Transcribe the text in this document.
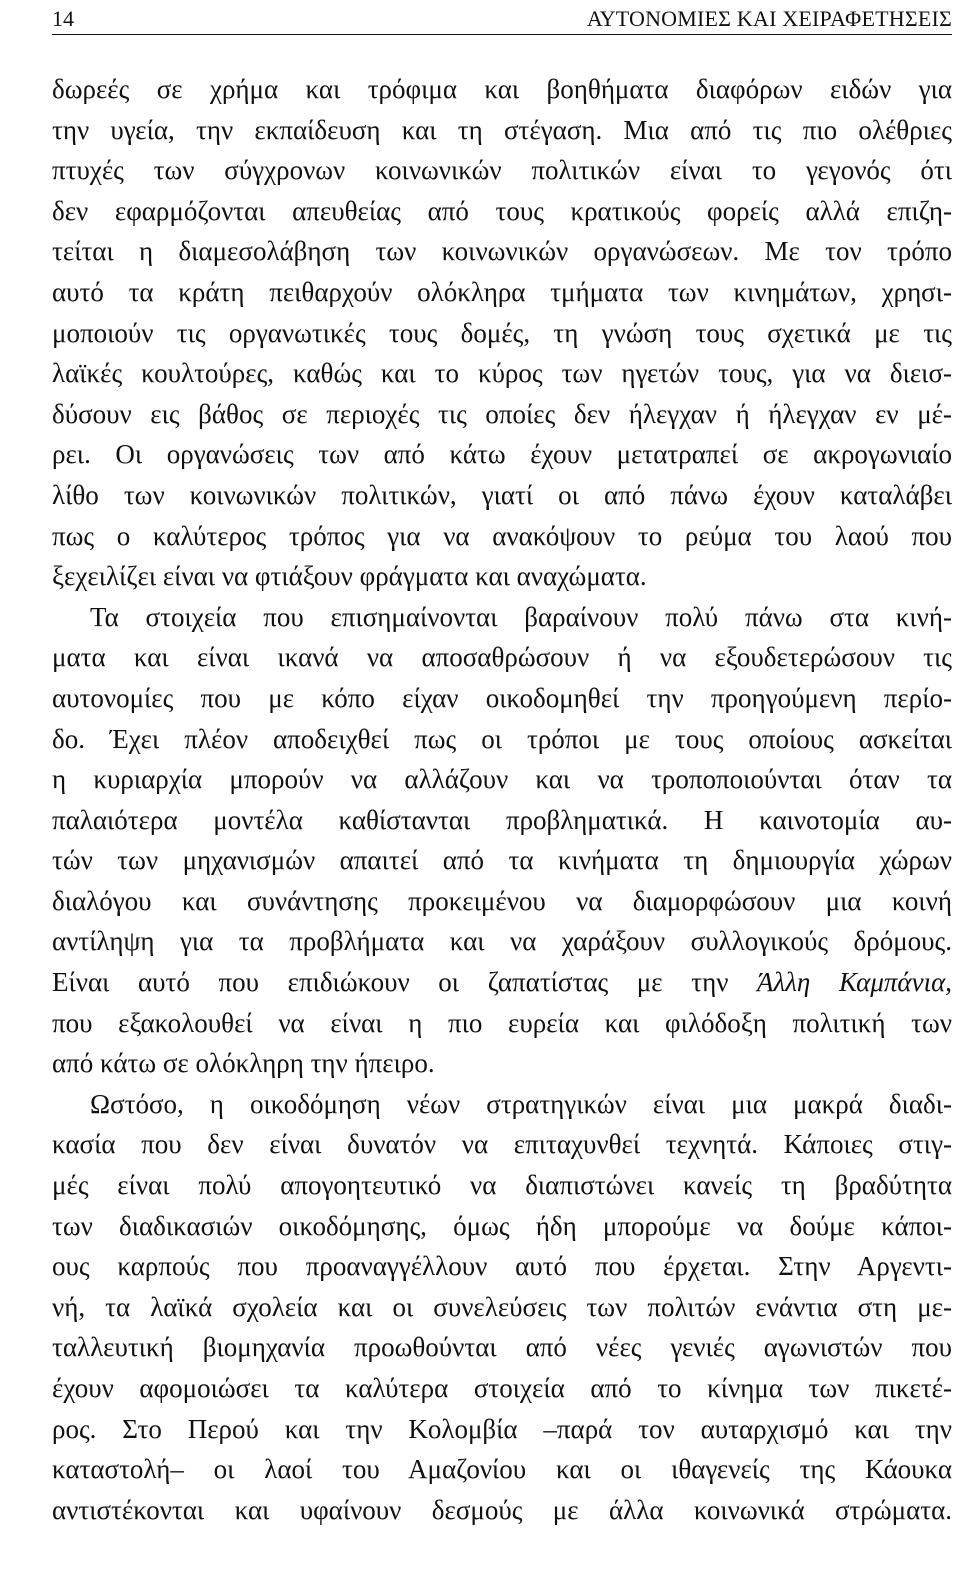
14	ΑΥΤΟΝΟΜΙΕΣ ΚΑΙ ΧΕΙΡΑΦΕΤΗΣΕΙΣ
δωρεές σε χρήμα και τρόφιμα και βοηθήματα διαφόρων ειδών για
την υγεία, την εκπαίδευση και τη στέγαση. Μια από τις πιο ολέθριες
πτυχές των σύγχρονων κοινωνικών πολιτικών είναι το γεγονός ότι
δεν εφαρμόζονται απευθείας από τους κρατικούς φορείς αλλά επιζη-
τείται η διαμεσολάβηση των κοινωνικών οργανώσεων. Με τον τρόπο
αυτό τα κράτη πειθαρχούν ολόκληρα τμήματα των κινημάτων, χρησι-
μοποιούν τις οργανωτικές τους δομές, τη γνώση τους σχετικά με τις
λαϊκές κουλτούρες, καθώς και το κύρος των ηγετών τους, για να διεισ-
δύσουν εις βάθος σε περιοχές τις οποίες δεν ήλεγχαν ή ήλεγχαν εν μέ-
ρει. Οι οργανώσεις των από κάτω έχουν μετατραπεί σε ακρογωνιαίο
λίθο των κοινωνικών πολιτικών, γιατί οι από πάνω έχουν καταλάβει
πως ο καλύτερος τρόπος για να ανακόψουν το ρεύμα του λαού που
ξεχειλίζει είναι να φτιάξουν φράγματα και αναχώματα.
Τα στοιχεία που επισημαίνονται βαραίνουν πολύ πάνω στα κινή-
ματα και είναι ικανά να αποσαθρώσουν ή να εξουδετερώσουν τις
αυτονομίες που με κόπο είχαν οικοδομηθεί την προηγούμενη περίο-
δο. Έχει πλέον αποδειχθεί πως οι τρόποι με τους οποίους ασκείται
η κυριαρχία μπορούν να αλλάζουν και να τροποποιούνται όταν τα
παλαιότερα μοντέλα καθίστανται προβληματικά. Η καινοτομία αυ-
τών των μηχανισμών απαιτεί από τα κινήματα τη δημιουργία χώρων
διαλόγου και συνάντησης προκειμένου να διαμορφώσουν μια κοινή
αντίληψη για τα προβλήματα και να χαράξουν συλλογικούς δρόμους.
Είναι αυτό που επιδιώκουν οι ζαπατίστας με την Άλλη Καμπάνια,
που εξακολουθεί να είναι η πιο ευρεία και φιλόδοξη πολιτική των
από κάτω σε ολόκληρη την ήπειρο.
Ωστόσο, η οικοδόμηση νέων στρατηγικών είναι μια μακρά διαδι-
κασία που δεν είναι δυνατόν να επιταχυνθεί τεχνητά. Κάποιες στιγ-
μές είναι πολύ απογοητευτικό να διαπιστώνει κανείς τη βραδύτητα
των διαδικασιών οικοδόμησης, όμως ήδη μπορούμε να δούμε κάποι-
ους καρπούς που προαναγγέλλουν αυτό που έρχεται. Στην Αργεντι-
νή, τα λαϊκά σχολεία και οι συνελεύσεις των πολιτών ενάντια στη με-
ταλλευτική βιομηχανία προωθούνται από νέες γενιές αγωνιστών που
έχουν αφομοιώσει τα καλύτερα στοιχεία από το κίνημα των πικετέ-
ρος. Στο Περού και την Κολομβία –παρά τον αυταρχισμό και την
καταστολή– οι λαοί του Αμαζονίου και οι ιθαγενείς της Κάουκα
αντιστέκονται και υφαίνουν δεσμούς με άλλα κοινωνικά στρώματα.
